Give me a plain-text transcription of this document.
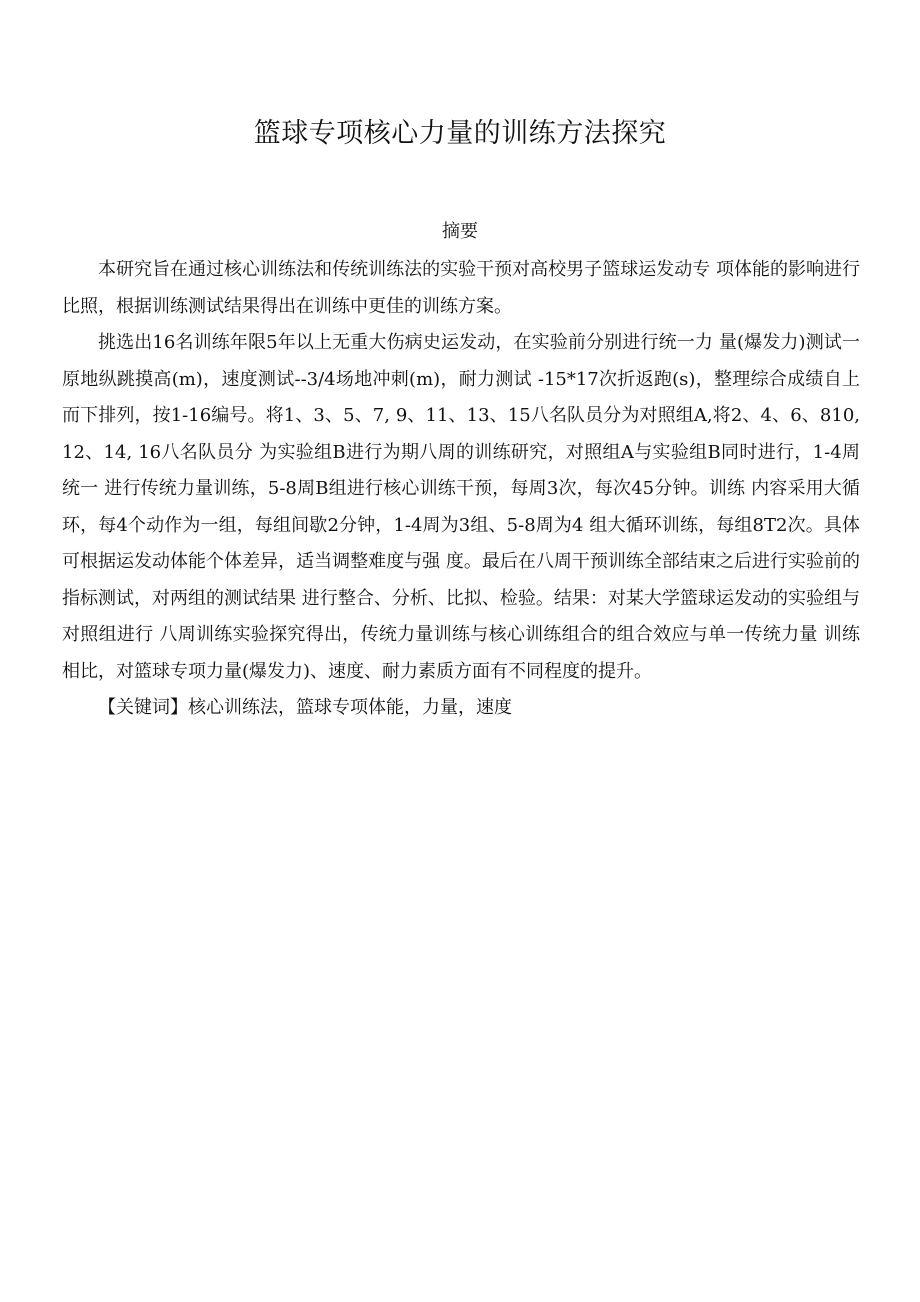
篮球专项核心力量的训练方法探究
摘要

本研究旨在通过核心训练法和传统训练法的实验干预对高校男子篮球运发动专 项体能的影响进行比照，根据训练测试结果得出在训练中更佳的训练方案。

挑选出16名训练年限5年以上无重大伤病史运发动，在实验前分别进行统一力 量(爆发力)测试一原地纵跳摸高(m)，速度测试--3/4场地冲刺(m)，耐力测试 -15*17次折返跑(s)，整理综合成绩自上而下排列，按1-16编号。将1、3、5、7, 9、11、13、15八名队员分为对照组A,将2、4、6、810, 12、14, 16八名队员分 为实验组B进行为期八周的训练研究，对照组A与实验组B同时进行，1-4周统一 进行传统力量训练，5-8周B组进行核心训练干预，每周3次，每次45分钟。训练 内容采用大循环，每4个动作为一组，每组间歇2分钟，1-4周为3组、5-8周为4 组大循环训练，每组8T2次。具体可根据运发动体能个体差异，适当调整难度与强 度。最后在八周干预训练全部结束之后进行实验前的指标测试，对两组的测试结果 进行整合、分析、比拟、检验。结果：对某大学篮球运发动的实验组与对照组进行 八周训练实验探究得出，传统力量训练与核心训练组合的组合效应与单一传统力量 训练相比，对篮球专项力量(爆发力)、速度、耐力素质方面有不同程度的提升。

【关键词】核心训练法，篮球专项体能，力量，速度
